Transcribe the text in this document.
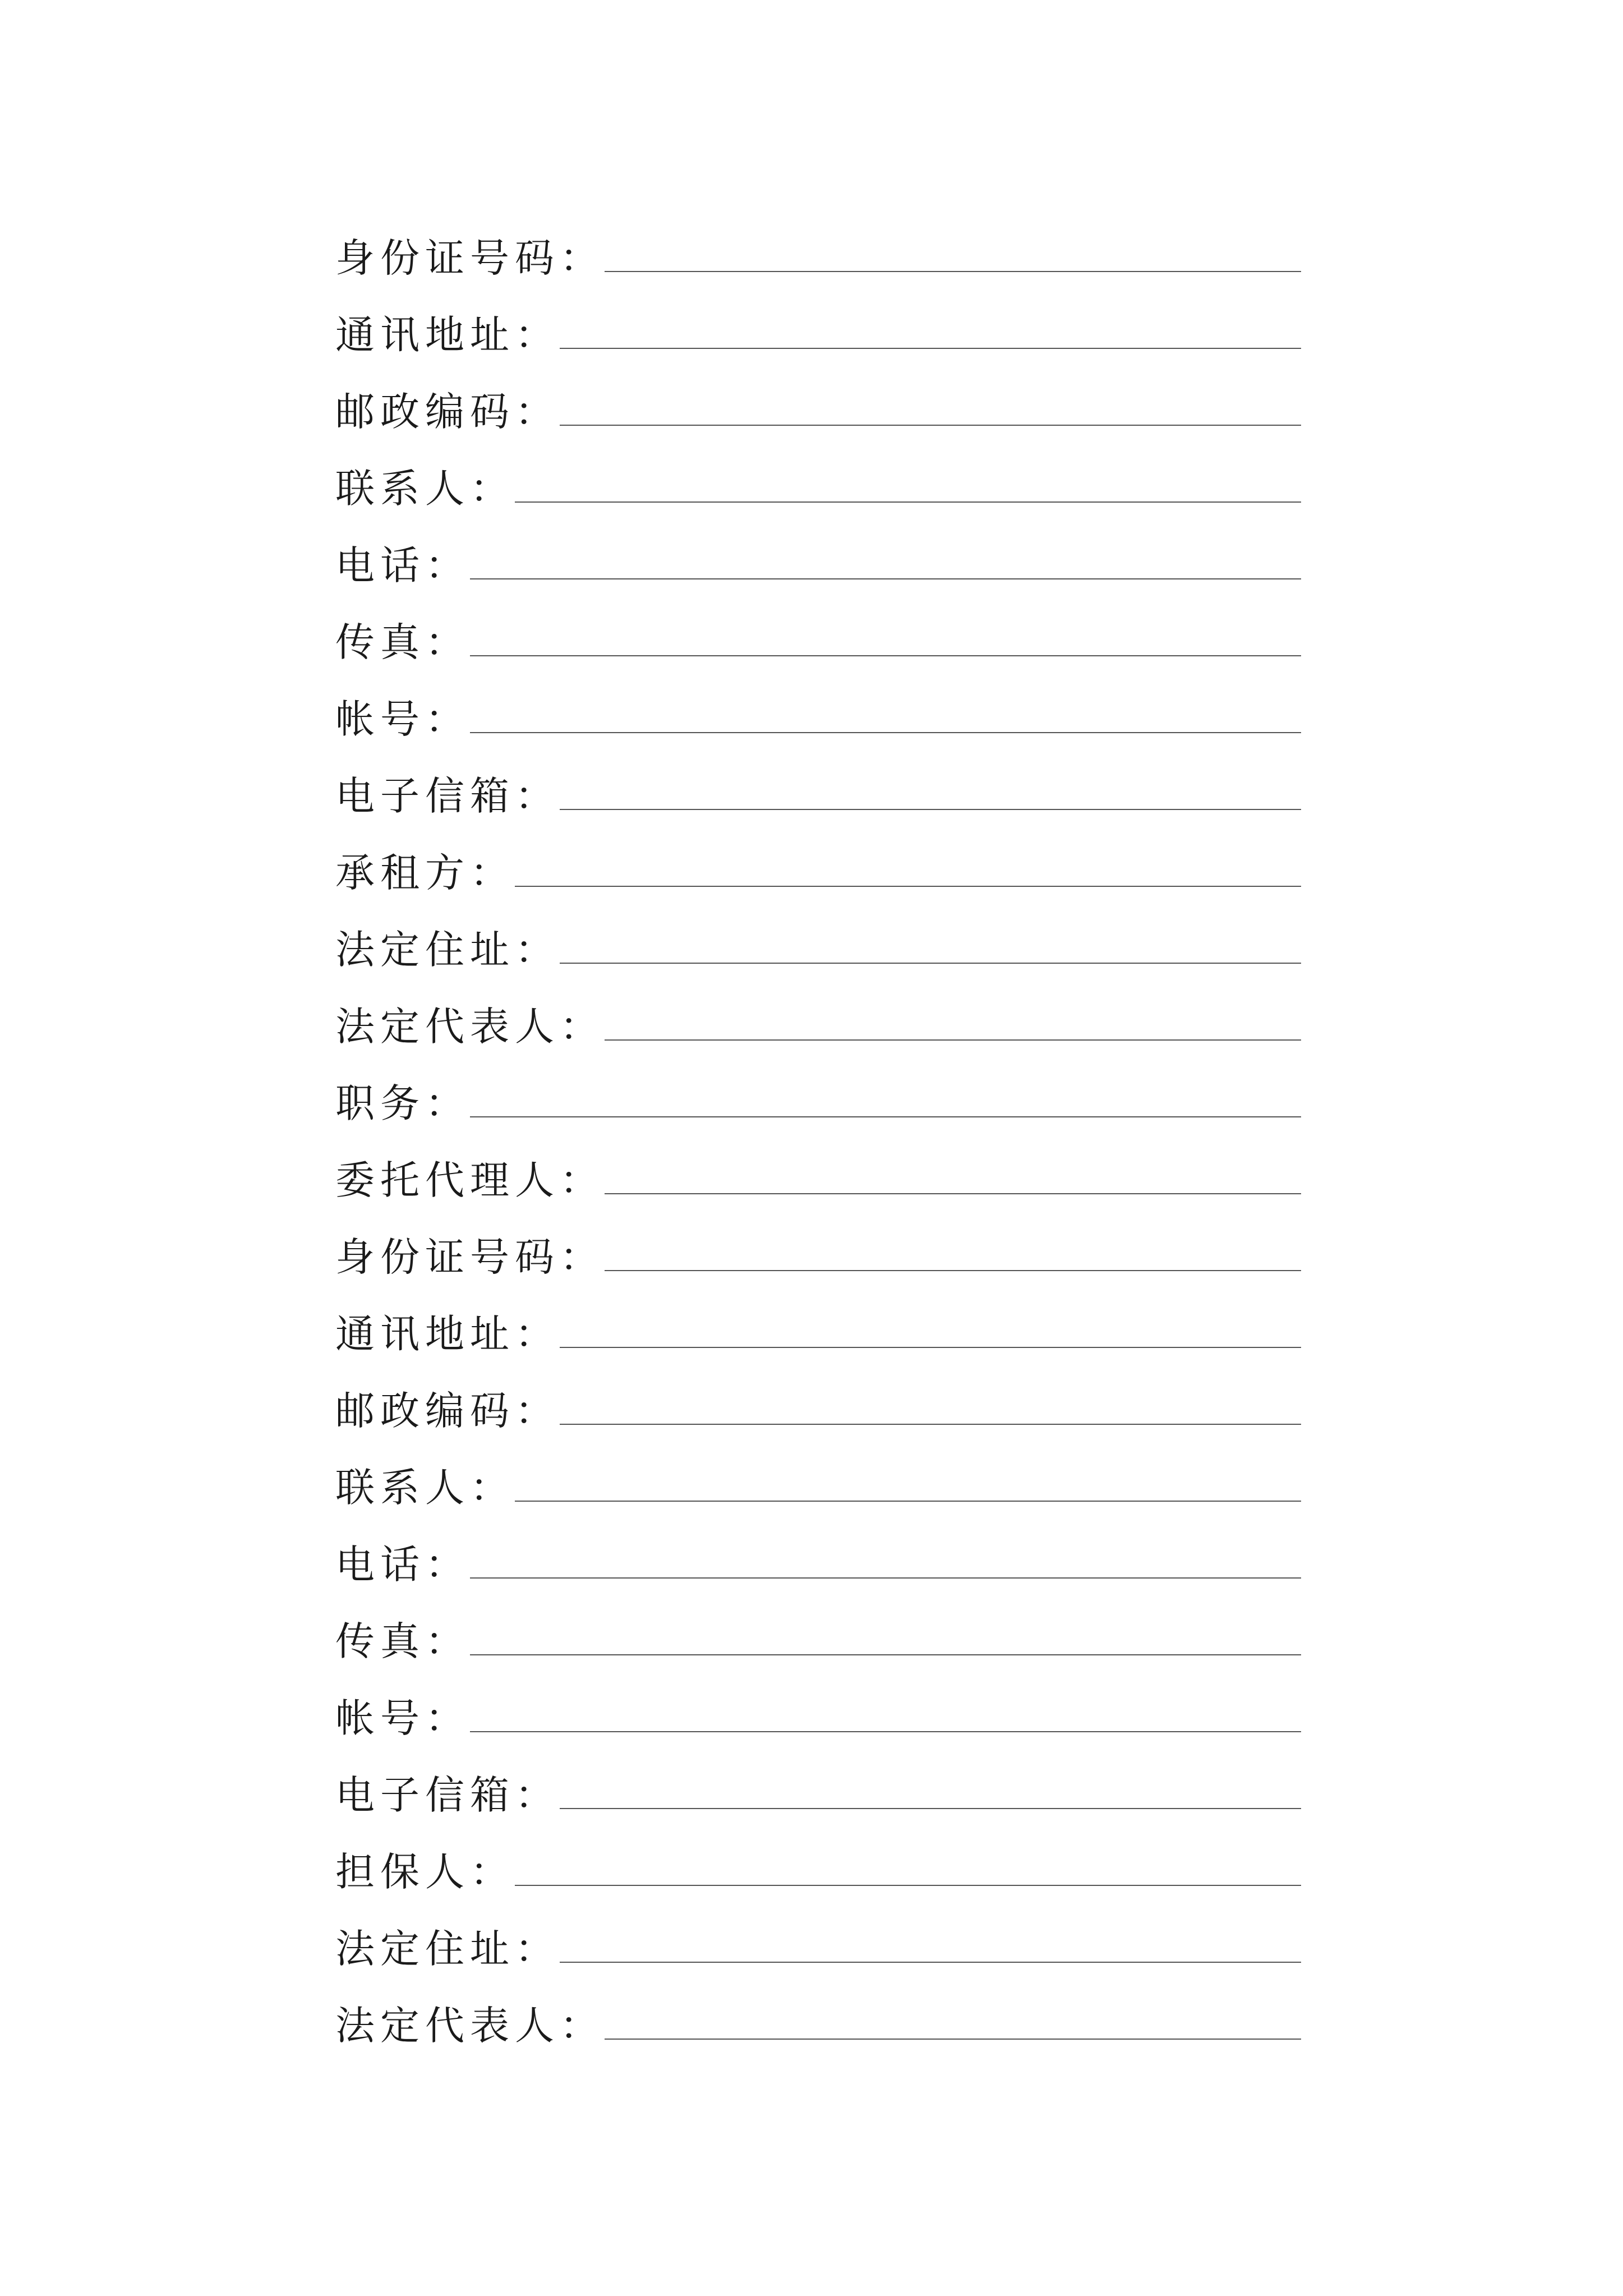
身份证号码：
通讯地址：
邮政编码：
联系人：
电话：
传真：
帐号：
电子信箱：
承租方：
法定住址：
法定代表人：
职务：
委托代理人：
身份证号码：
通讯地址：
邮政编码：
联系人：
电话：
传真：
帐号：
电子信箱：
担保人：
法定住址：
法定代表人：
